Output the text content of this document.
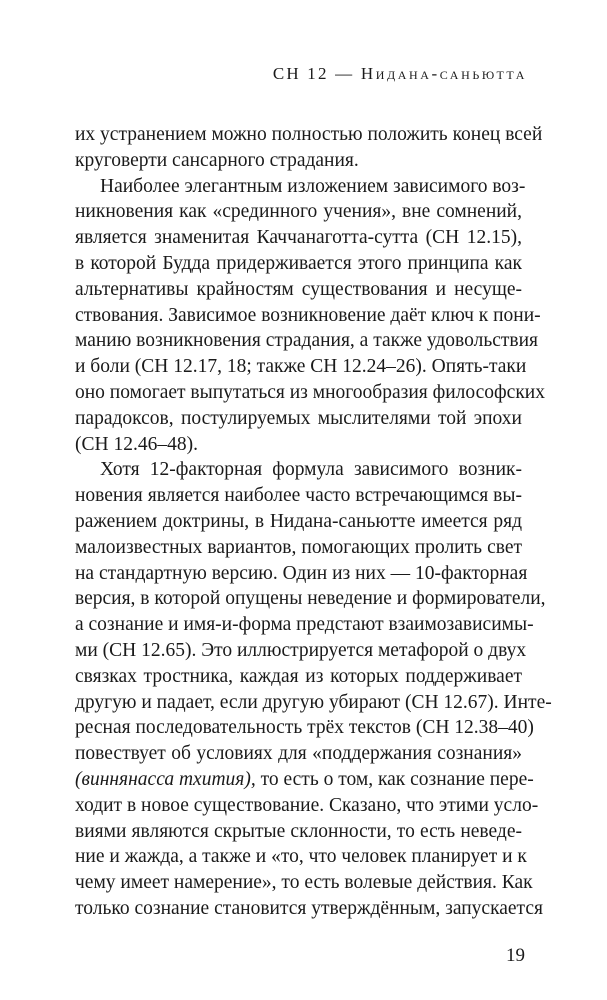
СН 12 — Нидана-саньютта
их устранением можно полностью положить конец всей
круговерти сансарного страдания.
Наиболее элегантным изложением зависимого воз-
никновения как «срединного учения», вне сомнений,
является знаменитая Каччанаготта-сутта (СН 12.15),
в которой Будда придерживается этого принципа как
альтернативы крайностям существования и несуще-
ствования. Зависимое возникновение даёт ключ к пони-
манию возникновения страдания, а также удовольствия
и боли (СН 12.17, 18; также СН 12.24–26). Опять-таки
оно помогает выпутаться из многообразия философских
парадоксов, постулируемых мыслителями той эпохи
(СН 12.46–48).
Хотя 12-факторная формула зависимого возник-
новения является наиболее часто встречающимся вы-
ражением доктрины, в Нидана-саньютте имеется ряд
малоизвестных вариантов, помогающих пролить свет
на стандартную версию. Один из них — 10-факторная
версия, в которой опущены неведение и формирователи,
а сознание и имя-и-форма предстают взаимозависимы-
ми (СН 12.65). Это иллюстрируется метафорой о двух
связках тростника, каждая из которых поддерживает
другую и падает, если другую убирают (СН 12.67). Инте-
ресная последовательность трёх текстов (СН 12.38–40)
повествует об условиях для «поддержания сознания»
(виннянасса тхития), то есть о том, как сознание пере-
ходит в новое существование. Сказано, что этими усло-
виями являются скрытые склонности, то есть неведе-
ние и жажда, а также и «то, что человек планирует и к
чему имеет намерение», то есть волевые действия. Как
только сознание становится утверждённым, запускается
19
